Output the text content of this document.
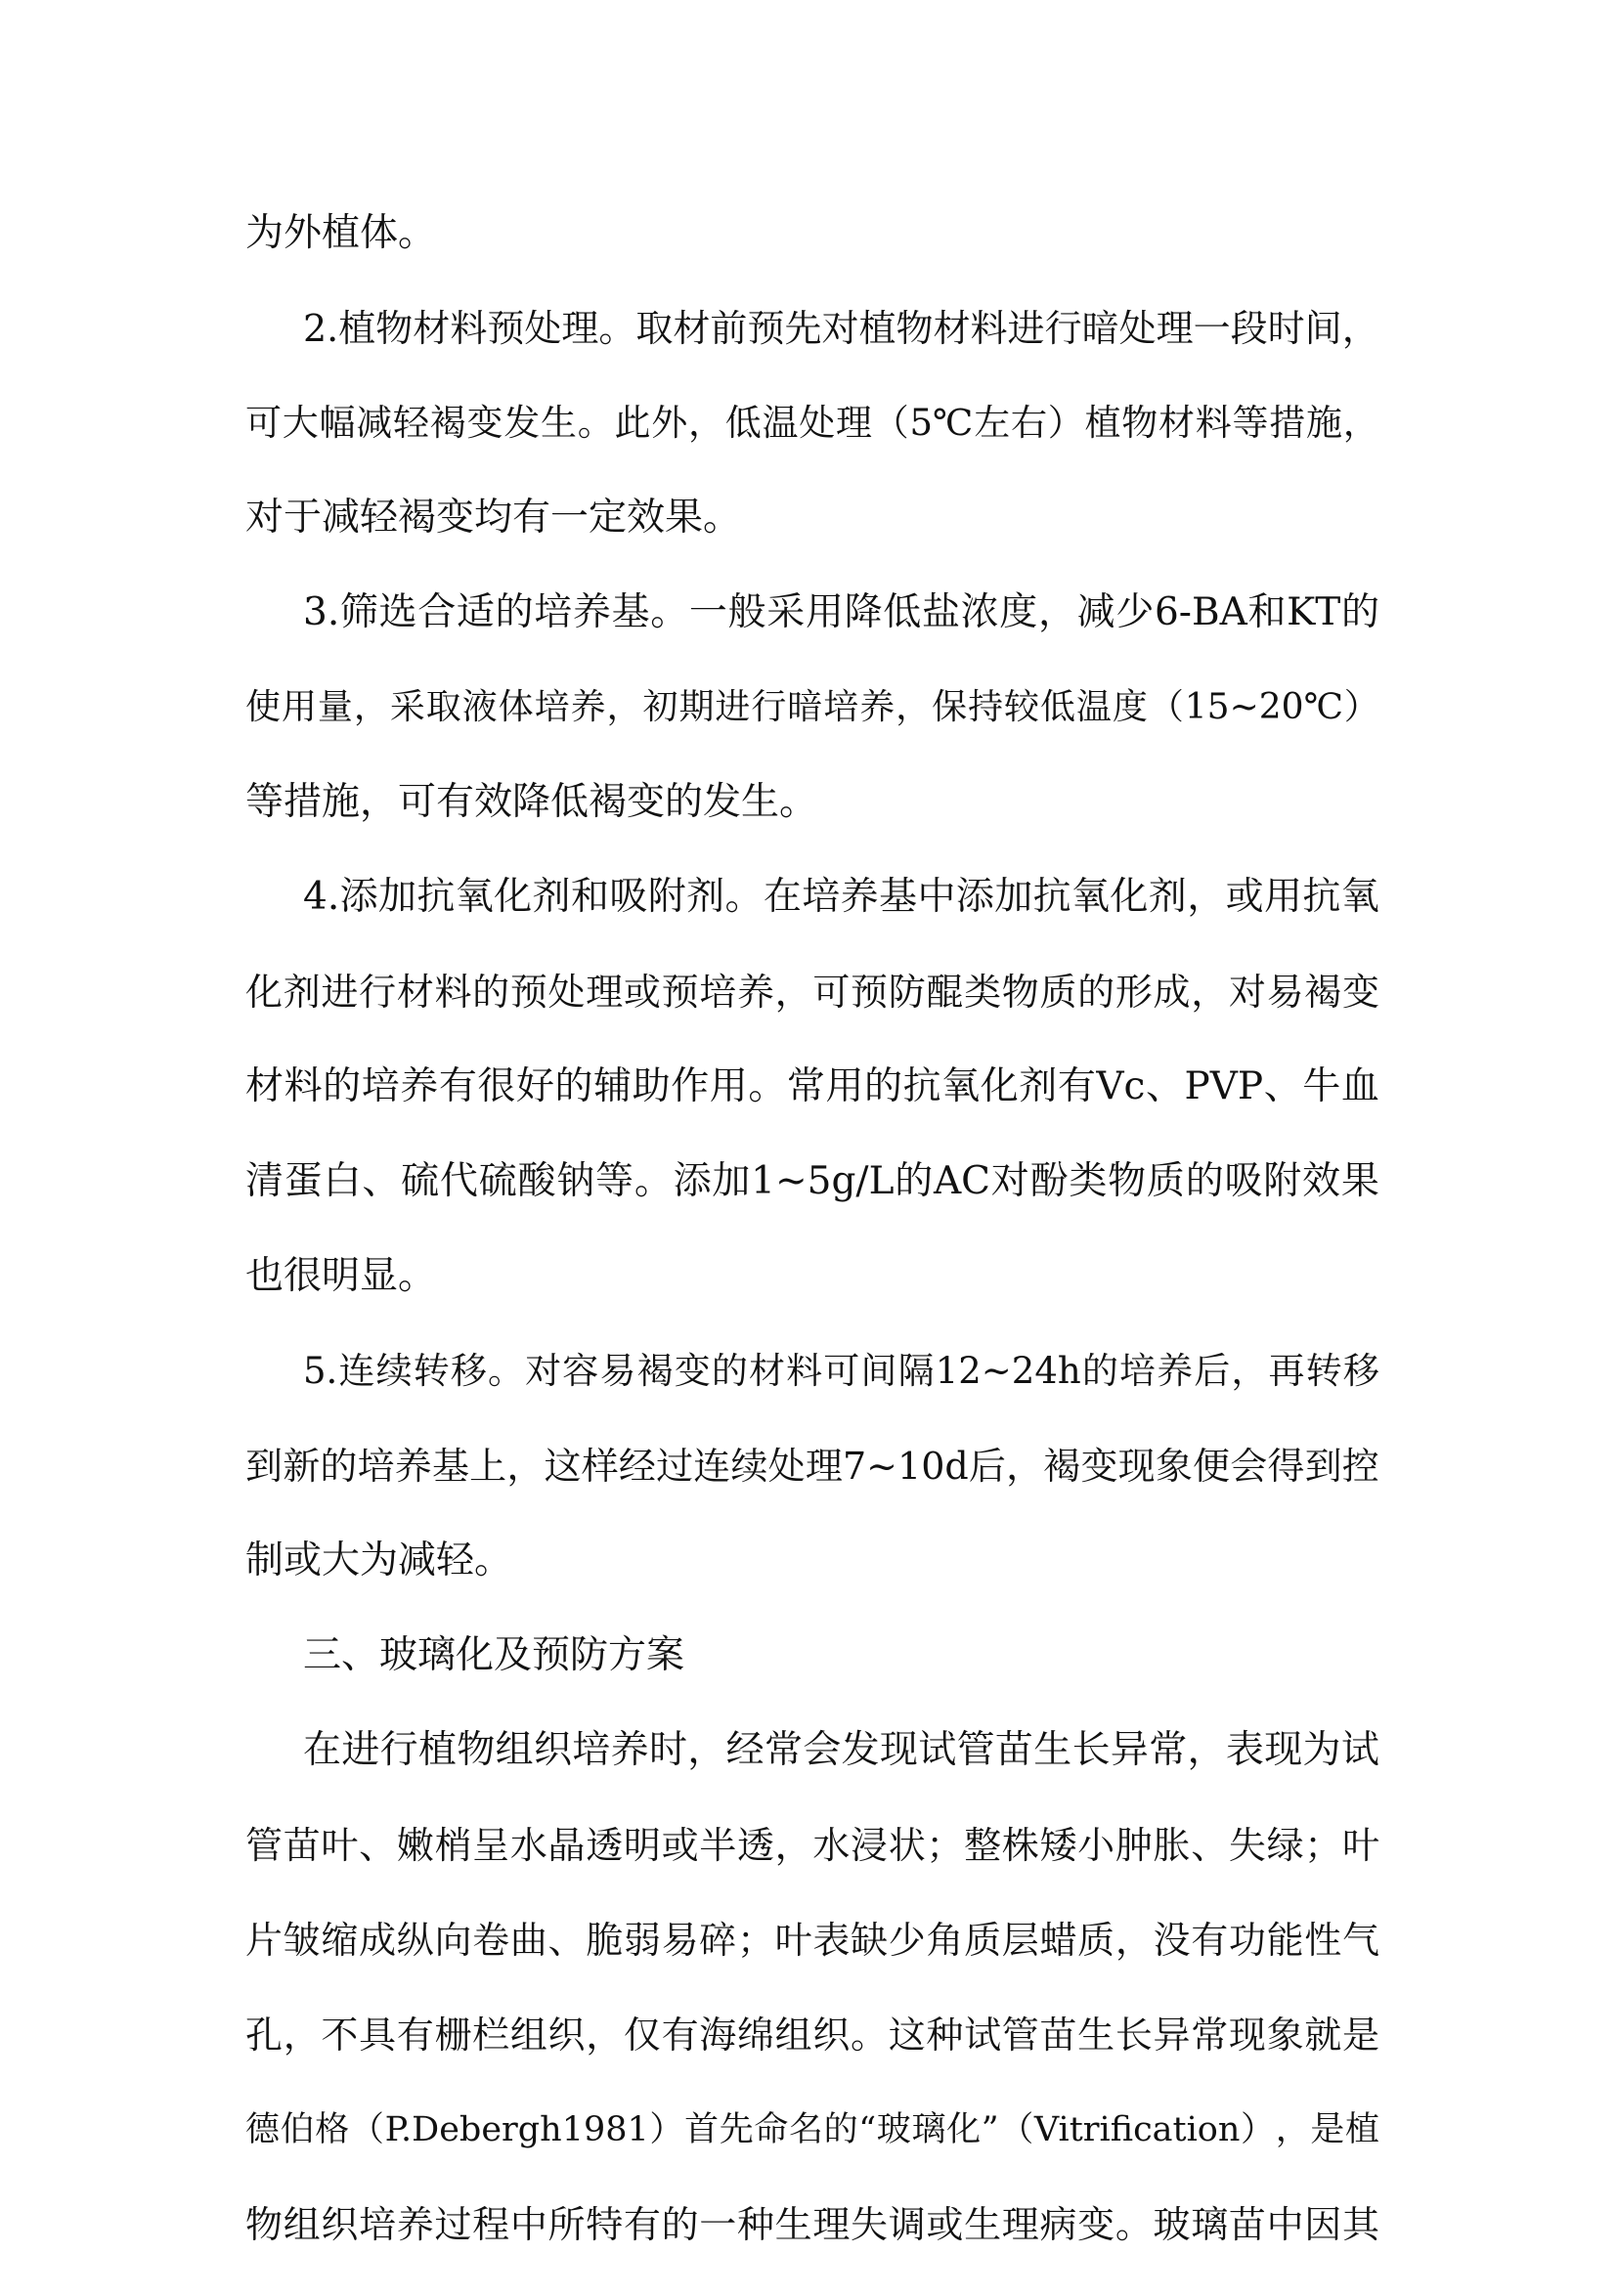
为外植体。
2. 植 物 材 料 预 处 理 。 取 材 前 预 先 对 植 物 材 料 进 行 暗 处 理 一 段 时 间 ，
可 大 幅 减 轻 褐 变 发 生 。 此 外 ， 低 温 处 理 （ 5℃ 左 右 ） 植 物 材 料 等 措 施 ，
对于减轻褐变均有一定效果。
3. 筛 选 合 适 的 培 养 基 。 一 般 采 用 降 低 盐 浓 度 ， 减 少 6-BA 和 KT 的
使 用 量 ， 采 取 液 体 培 养 ， 初 期 进 行 暗 培 养 ， 保 持 较 低 温 度 （ 15~20℃ ）
等措施，可有效降低褐变的发生。
4. 添 加 抗 氧 化 剂 和 吸 附 剂 。 在 培 养 基 中 添 加 抗 氧 化 剂 ， 或 用 抗 氧
化 剂 进 行 材 料 的 预 处 理 或 预 培 养 ， 可 预 防 醌 类 物 质 的 形 成 ， 对 易 褐 变
材 料 的 培 养 有 很 好 的 辅 助 作 用 。 常 用 的 抗 氧 化 剂 有 Vc 、 PVP 、 牛 血
清 蛋 白 、 硫 代 硫 酸 钠 等 。 添 加 1~5g/L 的 AC 对 酚 类 物 质 的 吸 附 效 果
也很明显。
5. 连 续 转 移 。 对 容 易 褐 变 的 材 料 可 间 隔 12~24h 的 培 养 后 ， 再 转 移
到 新 的 培 养 基 上 ， 这 样 经 过 连 续 处 理 7~10d 后 ， 褐 变 现 象 便 会 得 到 控
制或大为减轻。
三、玻璃化及预防方案
在 进 行 植 物 组 织 培 养 时 ， 经 常 会 发 现 试 管 苗 生 长 异 常 ， 表 现 为 试
管 苗 叶 、 嫩 梢 呈 水 晶 透 明 或 半 透 ， 水 浸 状 ； 整 株 矮 小 肿 胀 、 失 绿 ； 叶
片 皱 缩 成 纵 向 卷 曲 、 脆 弱 易 碎 ； 叶 表 缺 少 角 质 层 蜡 质 ， 没 有 功 能 性 气
孔 ， 不 具 有 栅 栏 组 织 ， 仅 有 海 绵 组 织 。 这 种 试 管 苗 生 长 异 常 现 象 就 是
德 伯 格 （ P.Debergh1981 ） 首 先 命 名 的 “ 玻 璃 化 ” （ Vitrification ） ， 是 植
物 组 织 培 养 过 程 中 所 特 有 的 一 种 生 理 失 调 或 生 理 病 变 。 玻 璃 苗 中 因 其
